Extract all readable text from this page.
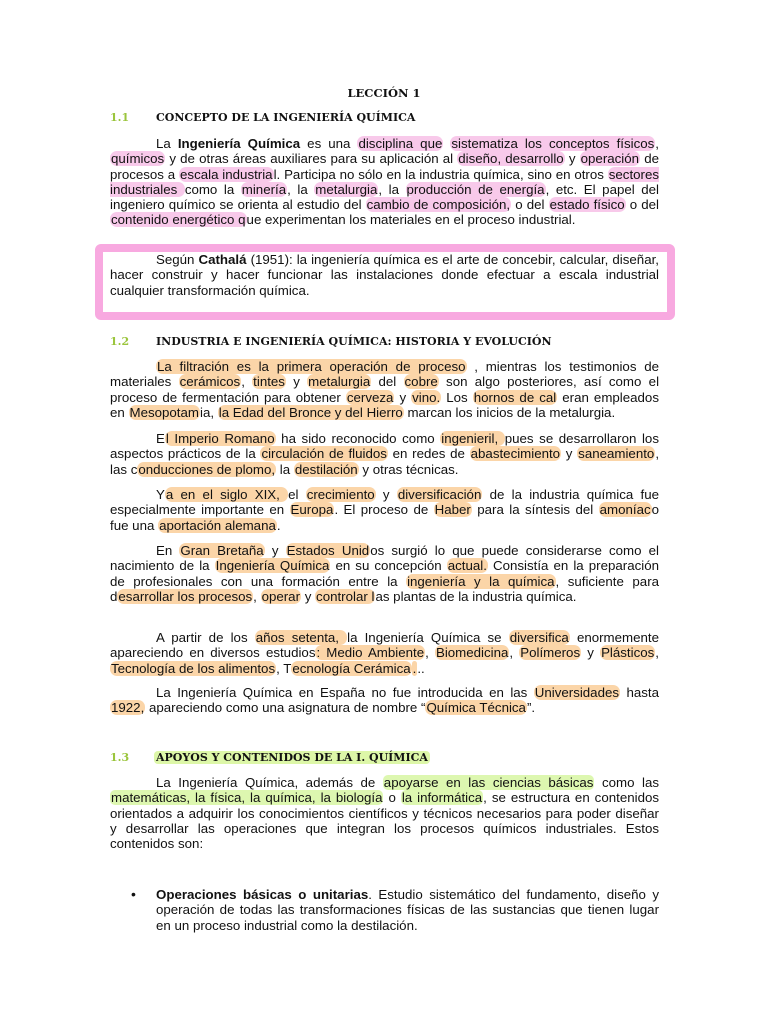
LECCIÓN 1
1.1 CONCEPTO DE LA INGENIERÍA QUÍMICA

La Ingeniería Química es una disciplina que sistematiza los conceptos físicos, químicos y de otras áreas auxiliares para su aplicación al diseño, desarrollo y operación de procesos a escala industrial. Participa no sólo en la industria química, sino en otros sectores industriales como la minería, la metalurgia, la producción de energía, etc. El papel del ingeniero químico se orienta al estudio del cambio de composición, o del estado físico o del contenido energético que experimentan los materiales en el proceso industrial.

Según Cathalá (1951): la ingeniería química es el arte de concebir, calcular, diseñar, hacer construir y hacer funcionar las instalaciones donde efectuar a escala industrial cualquier transformación química.

1.2 INDUSTRIA E INGENIERÍA QUÍMICA: HISTORIA Y EVOLUCIÓN

La filtración es la primera operación de proceso , mientras los testimonios de materiales cerámicos, tintes y metalurgia del cobre son algo posteriores, así como el proceso de fermentación para obtener cerveza y vino. Los hornos de cal eran empleados en Mesopotamia, la Edad del Bronce y del Hierro marcan los inicios de la metalurgia.

El Imperio Romano ha sido reconocido como ingenieril, pues se desarrollaron los aspectos prácticos de la circulación de fluidos en redes de abastecimiento y saneamiento, las conducciones de plomo, la destilación y otras técnicas.

Ya en el siglo XIX, el crecimiento y diversificación de la industria química fue especialmente importante en Europa. El proceso de Haber para la síntesis del amoníaco fue una aportación alemana.

En Gran Bretaña y Estados Unidos surgió lo que puede considerarse como el nacimiento de la Ingeniería Química en su concepción actual. Consistía en la preparación de profesionales con una formación entre la ingeniería y la química, suficiente para desarrollar los procesos, operar y controlar las plantas de la industria química.

A partir de los años setenta, la Ingeniería Química se diversifica enormemente apareciendo en diversos estudios: Medio Ambiente, Biomedicina, Polímeros y Plásticos, Tecnología de los alimentos, Tecnología Cerámica ...

La Ingeniería Química en España no fue introducida en las Universidades hasta 1922, apareciendo como una asignatura de nombre “Química Técnica”.

1.3 APOYOS Y CONTENIDOS DE LA I. QUÍMICA

La Ingeniería Química, además de apoyarse en las ciencias básicas como las matemáticas, la física, la química, la biología o la informática, se estructura en contenidos orientados a adquirir los conocimientos científicos y técnicos necesarios para poder diseñar y desarrollar las operaciones que integran los procesos químicos industriales. Estos contenidos son:

• Operaciones básicas o unitarias. Estudio sistemático del fundamento, diseño y operación de todas las transformaciones físicas de las sustancias que tienen lugar en un proceso industrial como la destilación.
